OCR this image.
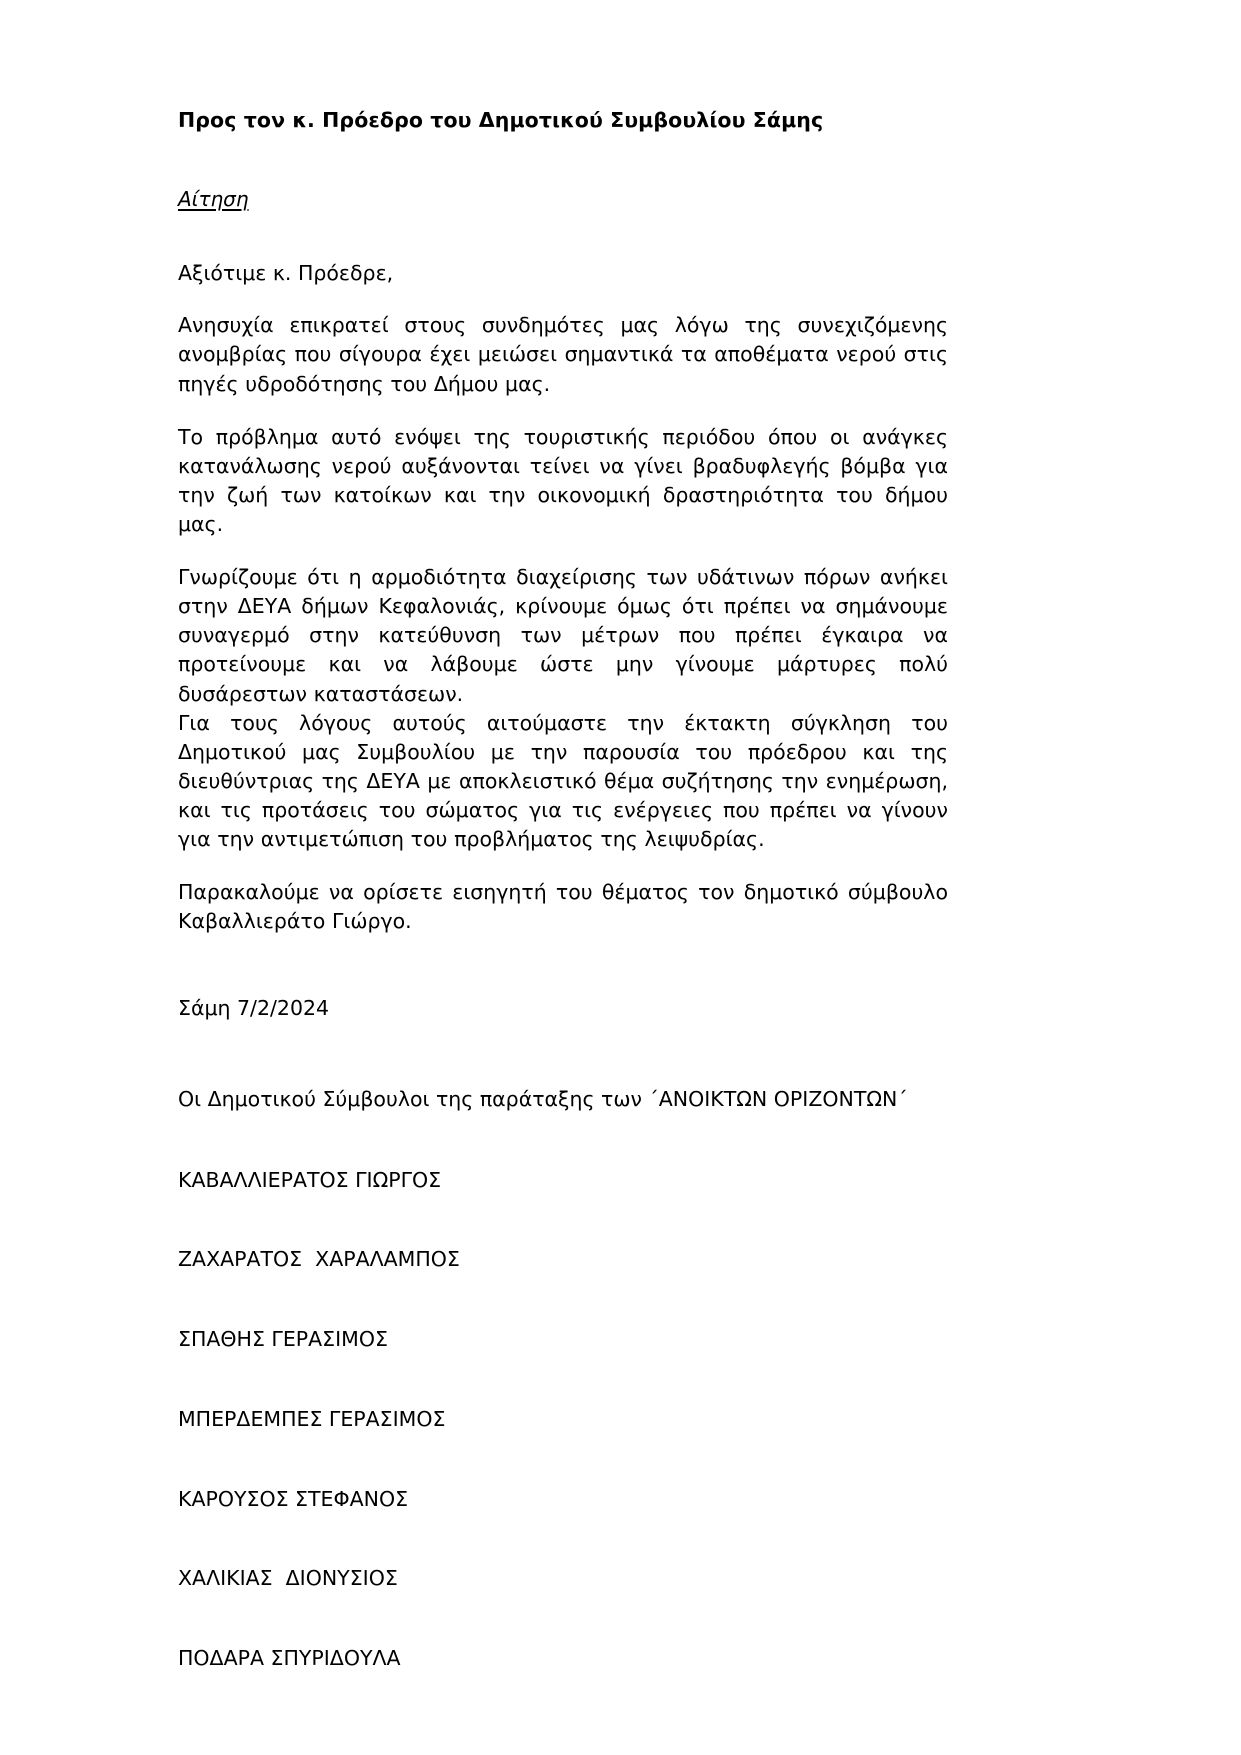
Προς τον κ. Πρόεδρο του Δημοτικού Συμβουλίου Σάμης
Αίτηση

Αξιότιμε κ. Πρόεδρε,

Ανησυχία επικρατεί στους συνδημότες μας λόγω της συνεχιζόμενης ανομβρίας που σίγουρα έχει μειώσει σημαντικά τα αποθέματα νερού στις πηγές υδροδότησης του Δήμου μας.

Το πρόβλημα αυτό ενόψει της τουριστικής περιόδου όπου οι ανάγκες κατανάλωσης νερού αυξάνονται τείνει να γίνει βραδυφλεγής βόμβα για την ζωή των κατοίκων και την οικονομική δραστηριότητα του δήμου μας.

Γνωρίζουμε ότι η αρμοδιότητα διαχείρισης των υδάτινων πόρων ανήκει στην ΔΕΥΑ δήμων Κεφαλονιάς, κρίνουμε όμως ότι πρέπει να σημάνουμε συναγερμό στην κατεύθυνση των μέτρων που πρέπει έγκαιρα να προτείνουμε και να λάβουμε ώστε μην γίνουμε μάρτυρες πολύ δυσάρεστων καταστάσεων.

Για τους λόγους αυτούς αιτούμαστε την έκτακτη σύγκληση του Δημοτικού μας Συμβουλίου με την παρουσία του πρόεδρου και της διευθύντριας της ΔΕΥΑ με αποκλειστικό θέμα συζήτησης την ενημέρωση, και τις προτάσεις του σώματος για τις ενέργειες που πρέπει να γίνουν για την αντιμετώπιση του προβλήματος της λειψυδρίας.

Παρακαλούμε να ορίσετε εισηγητή του θέματος τον δημοτικό σύμβουλο Καβαλλιεράτο Γιώργο.

Σάμη 7/2/2024

Οι Δημοτικού Σύμβουλοι της παράταξης των ΄ΑΝΟΙΚΤΩΝ ΟΡΙΖΟΝΤΩΝ΄

ΚΑΒΑΛΛΙΕΡΑΤΟΣ ΓΙΩΡΓΟΣ

ΖΑΧΑΡΑΤΟΣ  ΧΑΡΑΛΑΜΠΟΣ

ΣΠΑΘΗΣ ΓΕΡΑΣΙΜΟΣ

ΜΠΕΡΔΕΜΠΕΣ ΓΕΡΑΣΙΜΟΣ

ΚΑΡΟΥΣΟΣ ΣΤΕΦΑΝΟΣ

ΧΑΛΙΚΙΑΣ  ΔΙΟΝΥΣΙΟΣ

ΠΟΔΑΡΑ ΣΠΥΡΙΔΟΥΛΑ
